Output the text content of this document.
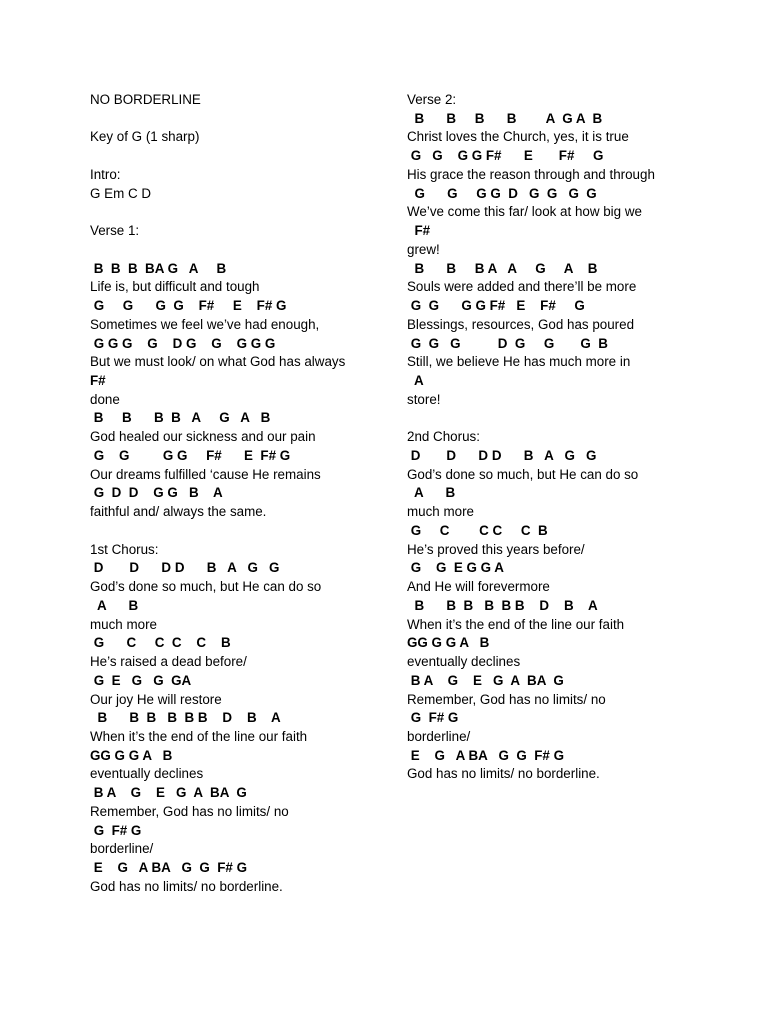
NO BORDERLINE
Key of G (1 sharp)
Intro:
G Em C D
Verse 1:
B  B  B  BA G   A     B
Life is, but difficult and tough
G     G      G  G    F#     E    F# G
Sometimes we feel we’ve had enough,
G G G    G    D G    G    G G G
But we must look/ on what God has always
F#
done
B     B      B  B   A     G   A   B
God healed our sickness and our pain
G    G         G G     F#      E  F# G
Our dreams fulfilled ‘cause He remains
G  D  D    G G   B    A
faithful and/ always the same.
1st Chorus:
D       D      D D      B   A   G   G
God’s done so much, but He can do so
A      B
much more
G      C     C  C    C    B
He’s raised a dead before/
G  E   G   G  GA
Our joy He will restore
B      B  B   B  B B    D    B    A
When it’s the end of the line our faith
GG G G A   B
eventually declines
B A    G    E   G  A  BA  G
Remember, God has no limits/ no
G  F# G
borderline/
E    G   A BA   G  G  F# G
God has no limits/ no borderline.
Verse 2:
B      B     B      B        A  G A  B
Christ loves the Church, yes, it is true
G   G    G G F#      E       F#     G
His grace the reason through and through
G      G     G G  D   G  G   G  G
We’ve come this far/ look at how big we
F#
grew!
B      B     B A   A     G     A    B
Souls were added and there’ll be more
G  G      G G F#   E    F#     G
Blessings, resources, God has poured
G  G   G          D  G     G       G  B
Still, we believe He has much more in
A
store!
2nd Chorus:
D       D      D D      B   A   G   G
God’s done so much, but He can do so
A      B
much more
G     C        C C     C  B
He’s proved this years before/
G    G  E G G A
And He will forevermore
B      B  B   B  B B    D    B    A
When it’s the end of the line our faith
GG G G A   B
eventually declines
B A    G    E   G  A  BA  G
Remember, God has no limits/ no
G  F# G
borderline/
E    G   A BA   G  G  F# G
God has no limits/ no borderline.
